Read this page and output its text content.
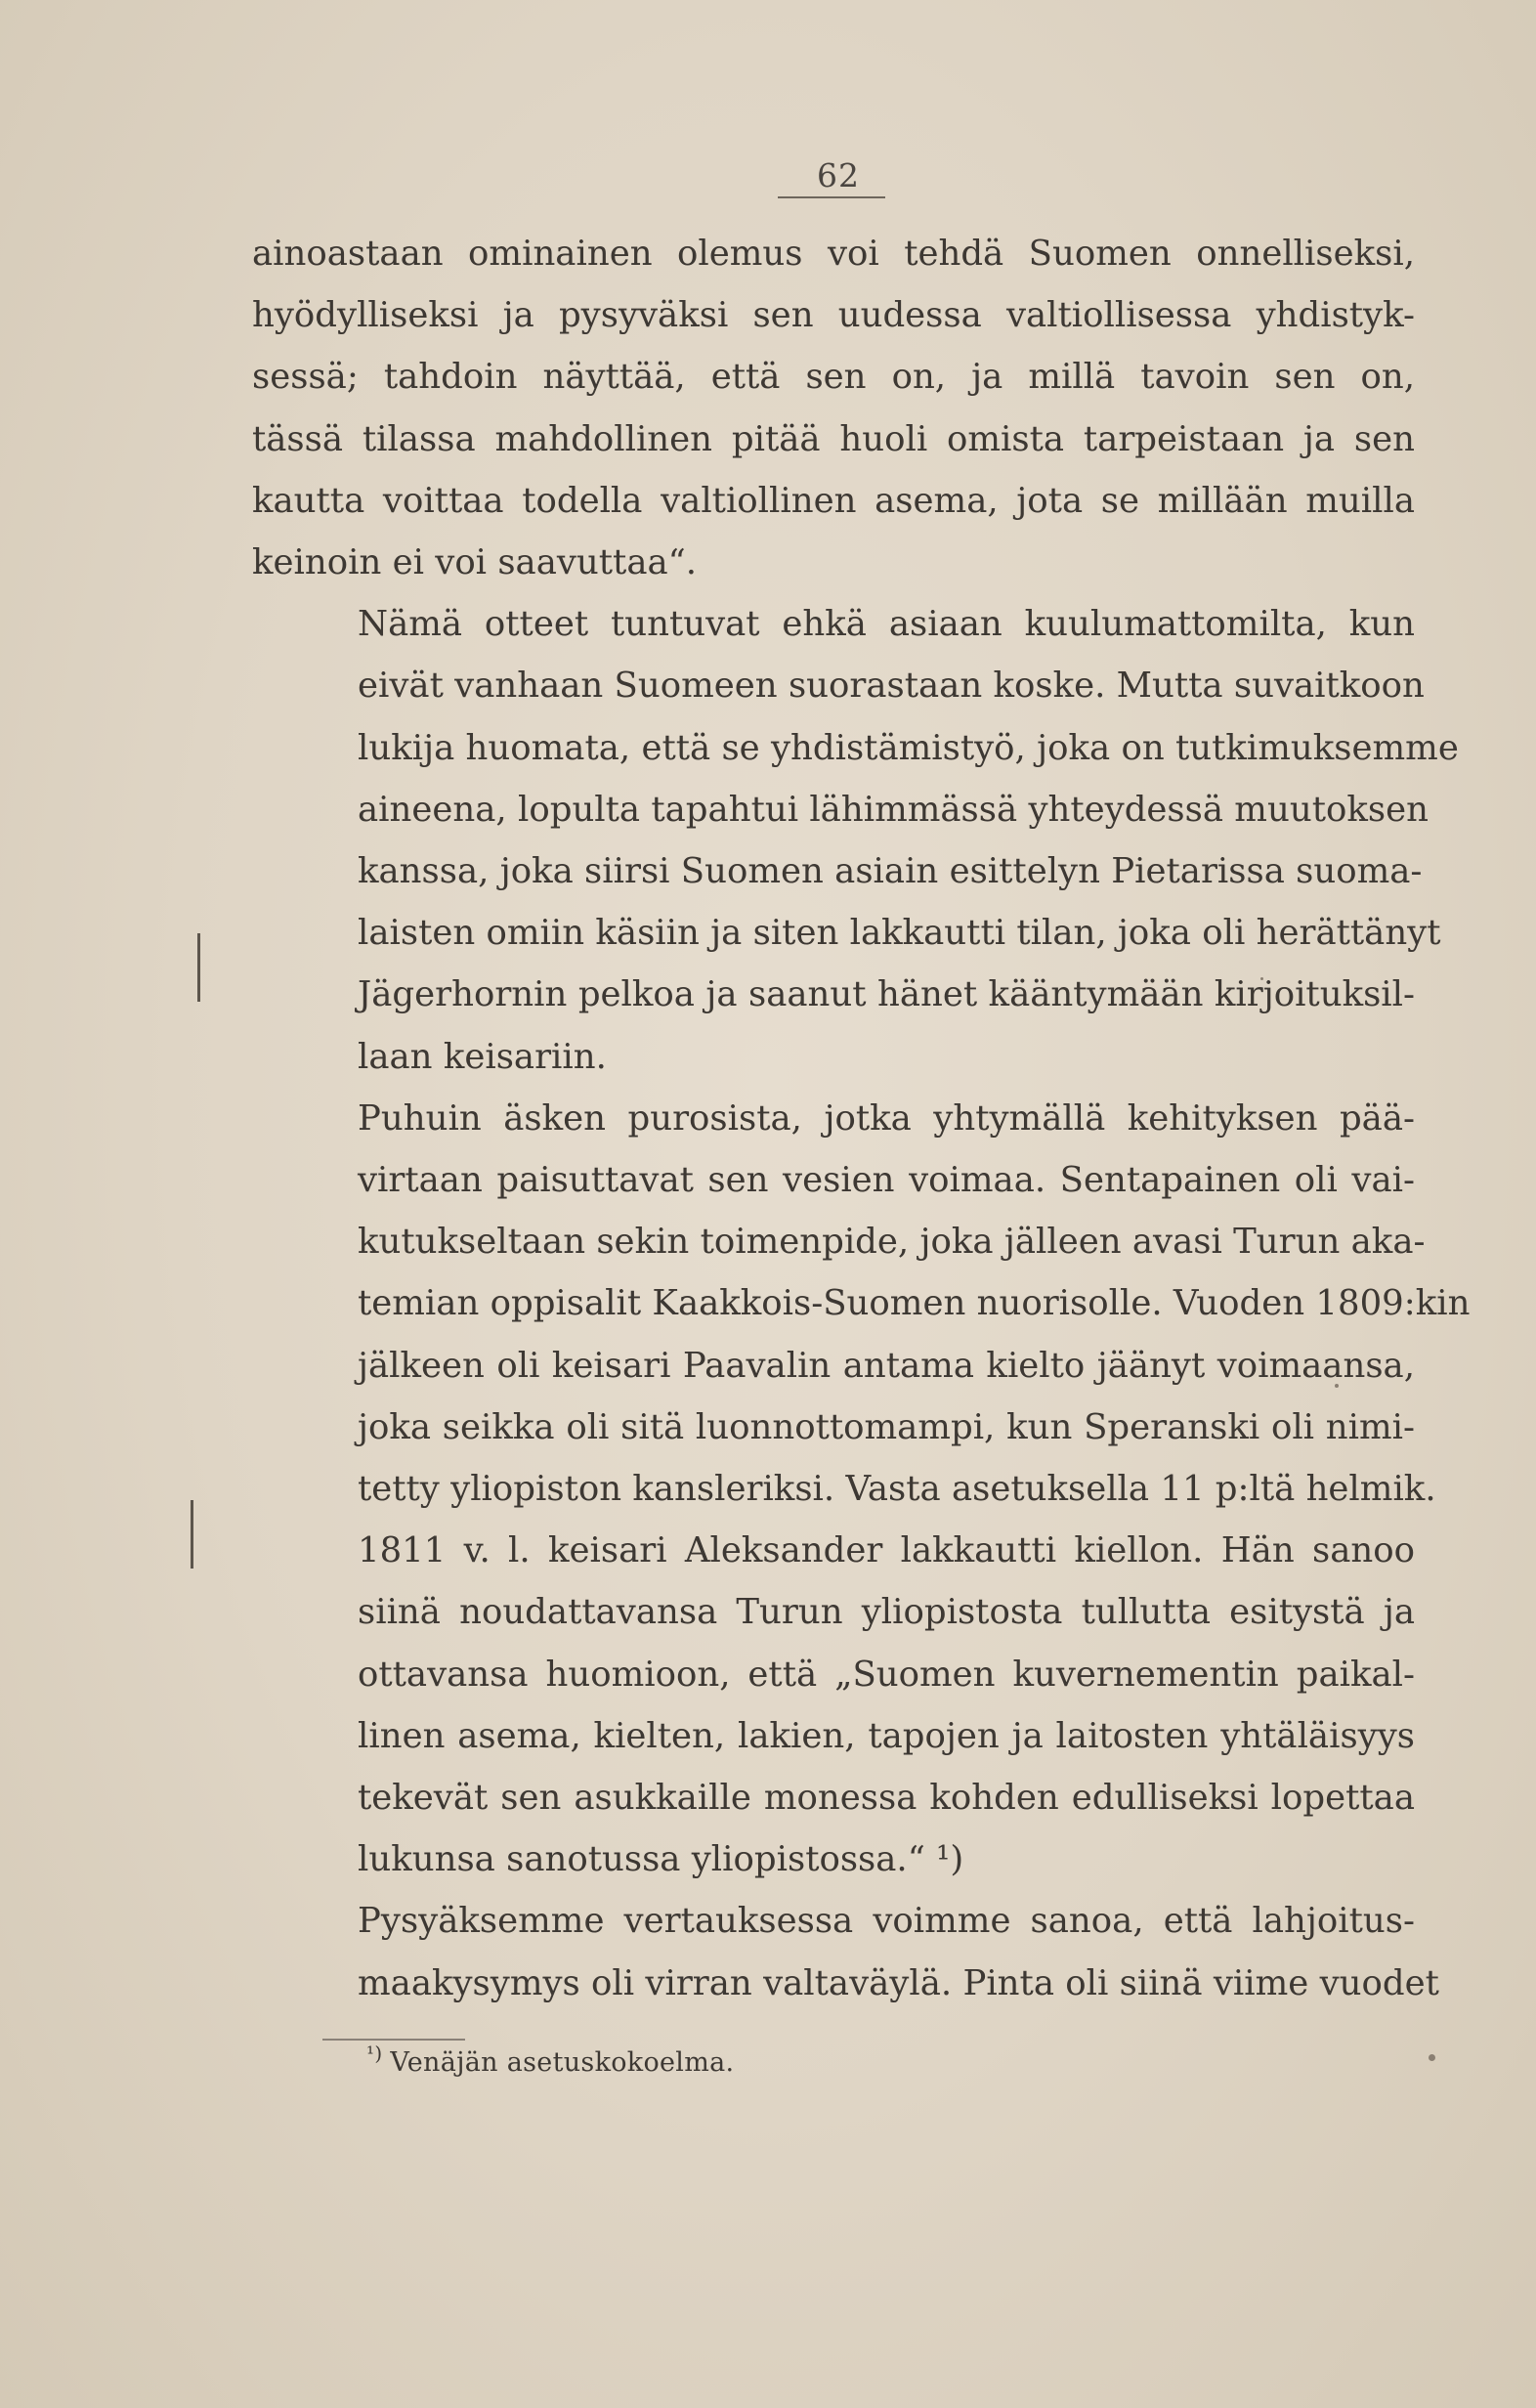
62

ainoastaan ominainen olemus voi tehdä Suomen onnelliseksi,
hyödylliseksi ja pysyväksi sen uudessa valtiollisessa yhdistyk-
sessä; tahdoin näyttää, että sen on, ja millä tavoin sen on,
tässä tilassa mahdollinen pitää huoli omista tarpeistaan ja sen
kautta voittaa todella valtiollinen asema, jota se millään muilla
keinoin ei voi saavuttaa“.

Nämä otteet tuntuvat ehkä asiaan kuulumattomilta, kun
eivät vanhaan Suomeen suorastaan koske. Mutta suvaitkoon
lukija huomata, että se yhdistämistyö, joka on tutkimuksemme
aineena, lopulta tapahtui lähimmässä yhteydessä muutoksen
kanssa, joka siirsi Suomen asiain esittelyn Pietarissa suoma-
laisten omiin käsiin ja siten lakkautti tilan, joka oli herättänyt
Jägerhornin pelkoa ja saanut hänet kääntymään kirjoituksil-
laan keisariin.

Puhuin äsken purosista, jotka yhtymällä kehityksen pää-
virtaan paisuttavat sen vesien voimaa. Sentapainen oli vai-
kutukseltaan sekin toimenpide, joka jälleen avasi Turun aka-
temian oppisalit Kaakkois-Suomen nuorisolle. Vuoden 1809:kin
jälkeen oli keisari Paavalin antama kielto jäänyt voimaansa,
joka seikka oli sitä luonnottomampi, kun Speranski oli nimi-
tetty yliopiston kansleriksi. Vasta asetuksella 11 p:ltä helmik.
1811 v. l. keisari Aleksander lakkautti kiellon. Hän sanoo
siinä noudattavansa Turun yliopistosta tullutta esitystä ja
ottavansa huomioon, että „Suomen kuvernementin paikal-
linen asema, kielten, lakien, tapojen ja laitosten yhtäläisyys
tekevät sen asukkaille monessa kohden edulliseksi lopettaa
lukunsa sanotussa yliopistossa.“ ¹)

Pysyäksemme vertauksessa voimme sanoa, että lahjoitus-
maakysymys oli virran valtaväylä. Pinta oli siinä viime vuodet

$^{^1)}$ Venäjän asetuskokoelma.
